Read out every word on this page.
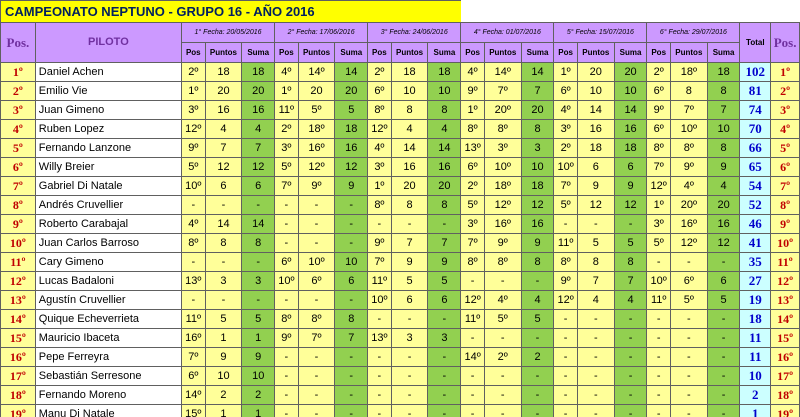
CAMPEONATO NEPTUNO - GRUPO 16 - AÑO 2016																					
Pos.	PILOTO	1° Fecha: 20/05/2016			2° Fecha: 17/06/2016			3° Fecha: 24/06/2016			4° Fecha: 01/07/2016			5° Fecha: 15/07/2016			6° Fecha: 29/07/2016			Total	Pos.
		Pos	Puntos	Suma	Pos	Puntos	Suma	Pos	Puntos	Suma	Pos	Puntos	Suma	Pos	Puntos	Suma	Pos	Puntos	Suma		
1º	Daniel Achen	2º	18	18	4º	14º	14	2º	18	18	4º	14º	14	1º	20	20	2º	18º	18	102	1º
2º	Emilio Vie	1º	20	20	1º	20	20	6º	10	10	9º	7º	7	6º	10	10	6º	8	8	81	2º
3º	Juan Gimeno	3º	16	16	11º	5º	5	8º	8	8	1º	20º	20	4º	14	14	9º	7º	7	74	3º
4º	Ruben Lopez	12º	4	4	2º	18º	18	12º	4	4	8º	8º	8	3º	16	16	6º	10º	10	70	4º
5º	Fernando Lanzone	9º	7	7	3º	16º	16	4º	14	14	13º	3º	3	2º	18	18	8º	8º	8	66	5º
6º	Willy Breier	5º	12	12	5º	12º	12	3º	16	16	6º	10º	10	10º	6	6	7º	9º	9	65	6º
7º	Gabriel Di Natale	10º	6	6	7º	9º	9	1º	20	20	2º	18º	18	7º	9	9	12º	4º	4	54	7º
8º	Andrés Cruvellier	-	-	-	-	-	-	8º	8	8	5º	12º	12	5º	12	12	1º	20º	20	52	8º
9º	Roberto Carabajal	4º	14	14	-	-	-	-	-	-	3º	16º	16	-	-	-	3º	16º	16	46	9º
10º	Juan Carlos Barroso	8º	8	8	-	-	-	9º	7	7	7º	9º	9	11º	5	5	5º	12º	12	41	10º
11º	Cary Gimeno	-	-	-	6º	10º	10	7º	9	9	8º	8º	8	8º	8	8	-	-	-	35	11º
12º	Lucas Badaloni	13º	3	3	10º	6º	6	11º	5	5	-	-	-	9º	7	7	10º	6º	6	27	12º
13º	Agustín Cruvellier	-	-	-	-	-	-	10º	6	6	12º	4º	4	12º	4	4	11º	5º	5	19	13º
14º	Quique Echeverrieta	11º	5	5	8º	8º	8	-	-	-	11º	5º	5	-	-	-	-	-	-	18	14º
15º	Mauricio Ibaceta	16º	1	1	9º	7º	7	13º	3	3	-	-	-	-	-	-	-	-	-	11	15º
16º	Pepe Ferreyra	7º	9	9	-	-	-	-	-	-	14º	2º	2	-	-	-	-	-	-	11	16º
17º	Sebastián Serresone	6º	10	10	-	-	-	-	-	-	-	-	-	-	-	-	-	-	-	10	17º
18º	Fernando Moreno	14º	2	2	-	-	-	-	-	-	-	-	-	-	-	-	-	-	-	2	18º
19º	Manu Di Natale	15º	1	1	-	-	-	-	-	-	-	-	-	-	-	-	-	-	-	1	19º
